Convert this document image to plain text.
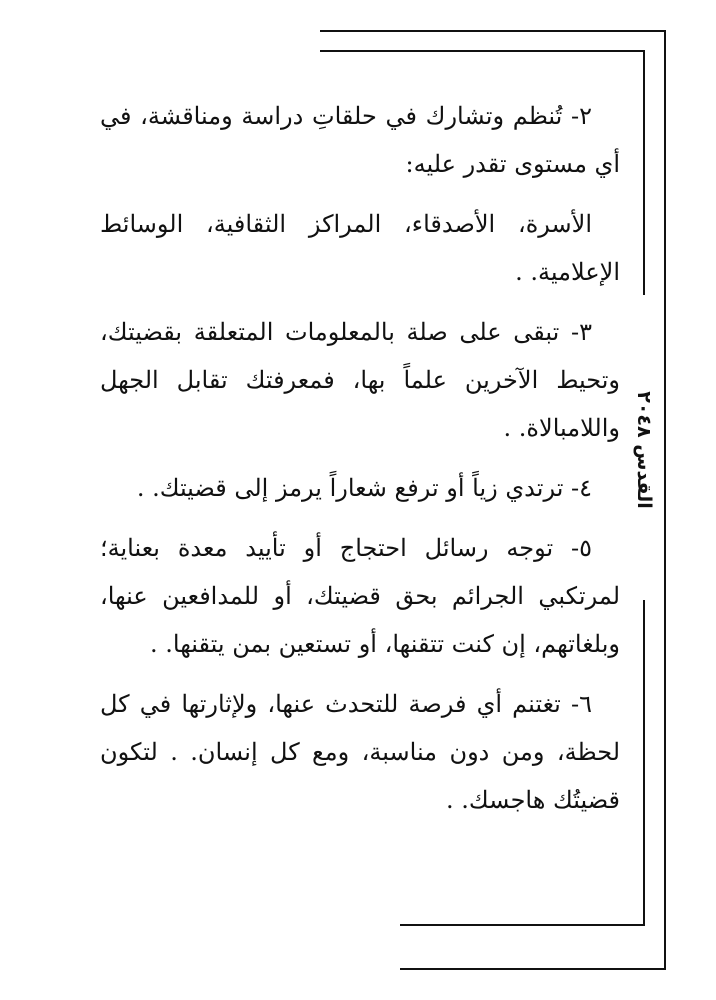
القدس ٢٠٤٨

٢- تُنظم وتشارك في حلقاتِ دراسة ومناقشة، في أي مستوى تقدر عليه:

الأسرة، الأصدقاء، المراكز الثقافية، الوسائط الإعلامية. .

٣- تبقى على صلة بالمعلومات المتعلقة بقضيتك، وتحيط الآخرين علماً بها، فمعرفتك تقابل الجهل واللامبالاة. .

٤- ترتدي زياً أو ترفع شعاراً يرمز إلى قضيتك. .

٥- توجه رسائل احتجاج أو تأييد معدة بعناية؛ لمرتكبي الجرائم بحق قضيتك، أو للمدافعين عنها، وبلغاتهم، إن كنت تتقنها، أو تستعين بمن يتقنها. .

٦- تغتنم أي فرصة للتحدث عنها، ولإثارتها في كل لحظة، ومن دون مناسبة، ومع كل إنسان. . لتكون قضيتُك هاجسك. .
